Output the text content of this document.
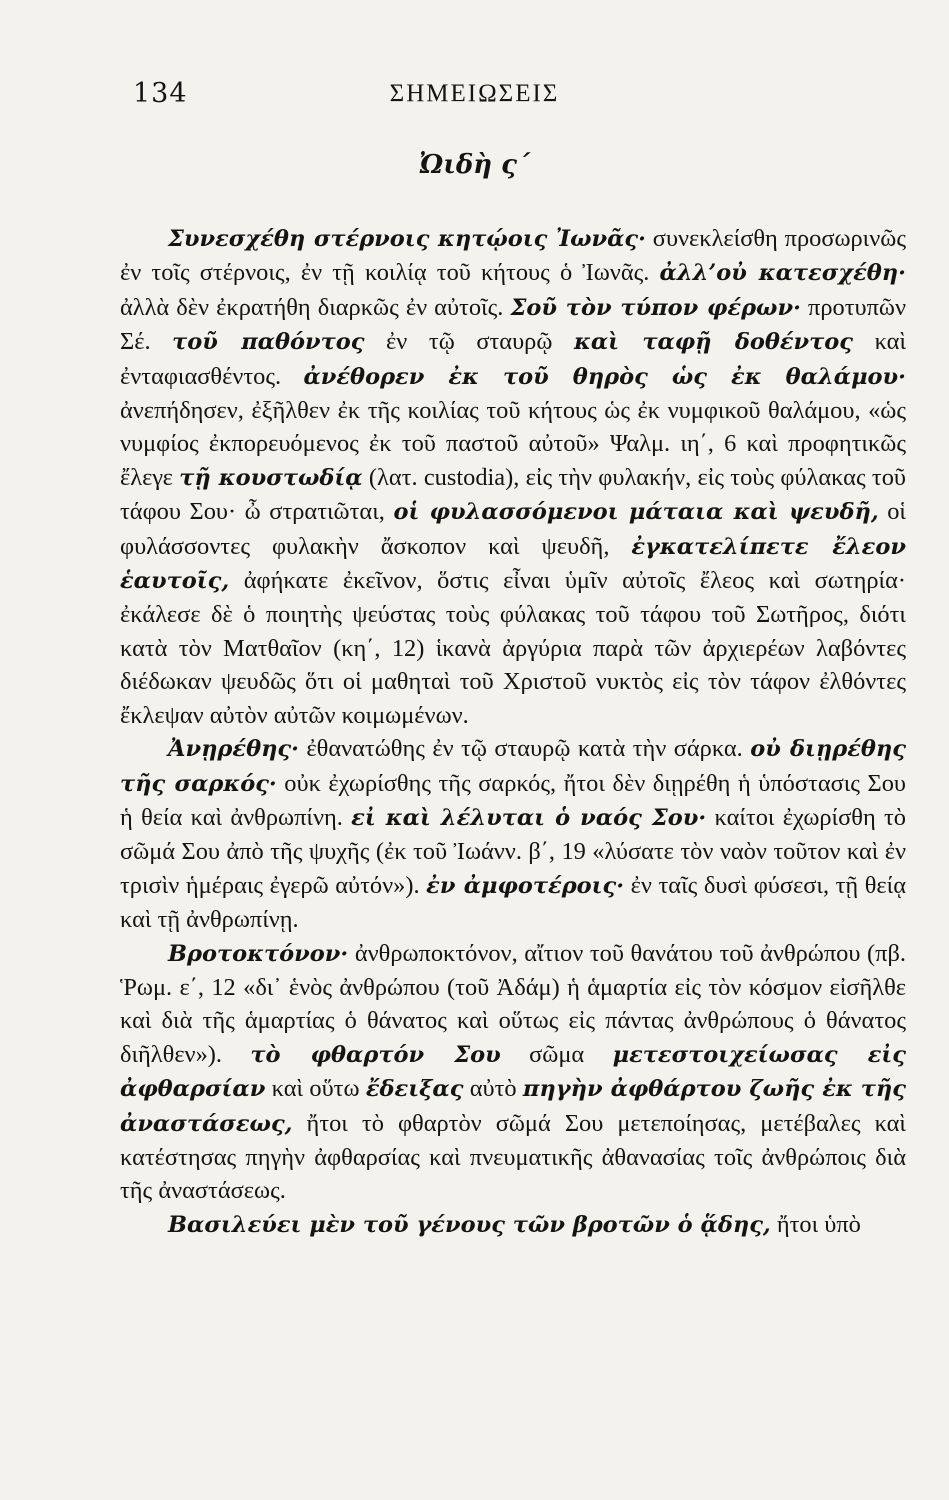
134	ΣΗΜΕΙΩΣΕΙΣ
Ὠιδὴ ς΄

Συνεσχέθη στέρνοις κητῴοις Ἰωνᾶς· συνεκλείσθη προσωρινῶς ἐν τοῖς στέρνοις, ἐν τῇ κοιλίᾳ τοῦ κήτους ὁ Ἰωνᾶς. ἀλλ’οὐ κατεσχέθη· ἀλλὰ δὲν ἐκρατήθη διαρκῶς ἐν αὐτοῖς. Σοῦ τὸν τύπον φέρων· προτυπῶν Σέ. τοῦ παθόντος ἐν τῷ σταυρῷ καὶ ταφῇ δοθέντος καὶ ἐνταφιασθέντος. ἀνέθορεν ἐκ τοῦ θηρὸς ὡς ἐκ θαλάμου· ἀνεπήδησεν, ἐξῆλθεν ἐκ τῆς κοιλίας τοῦ κήτους ὡς ἐκ νυμφικοῦ θαλάμου, «ὡς νυμφίος ἐκπορευόμενος ἐκ τοῦ παστοῦ αὐτοῦ» Ψαλμ. ιη΄, 6 καὶ προφητικῶς ἔλεγε τῇ κουστωδίᾳ (λατ. custodia), εἰς τὴν φυλακήν, εἰς τοὺς φύλακας τοῦ τάφου Σου· ὦ στρατιῶται, οἱ φυλασσόμενοι μάταια καὶ ψευδῆ, οἱ φυλάσσοντες φυλακὴν ἄσκοπον καὶ ψευδῆ, ἐγκατελίπετε ἔλεον ἑαυτοῖς, ἀφήκατε ἐκεῖνον, ὅστις εἶναι ὑμῖν αὐτοῖς ἔλεος καὶ σωτηρία· ἐκάλεσε δὲ ὁ ποιητὴς ψεύστας τοὺς φύλακας τοῦ τάφου τοῦ Σωτῆρος, διότι κατὰ τὸν Ματθαῖον (κη΄, 12) ἱκανὰ ἀργύρια παρὰ τῶν ἀρχιερέων λαβόντες διέδωκαν ψευδῶς ὅτι οἱ μαθηταὶ τοῦ Χριστοῦ νυκτὸς εἰς τὸν τάφον ἐλθόντες ἔκλεψαν αὐτὸν αὐτῶν κοιμωμένων.

Ἀνῃρέθης· ἐθανατώθης ἐν τῷ σταυρῷ κατὰ τὴν σάρκα. οὐ διῃρέθης τῆς σαρκός· οὐκ ἐχωρίσθης τῆς σαρκός, ἤτοι δὲν διῃρέθη ἡ ὑπόστασις Σου ἡ θεία καὶ ἀνθρωπίνη. εἰ καὶ λέλυται ὁ ναός Σου· καίτοι ἐχωρίσθη τὸ σῶμά Σου ἀπὸ τῆς ψυχῆς (ἐκ τοῦ Ἰωάνν. β΄, 19 «λύσατε τὸν ναὸν τοῦτον καὶ ἐν τρισὶν ἡμέραις ἐγερῶ αὐτόν»). ἐν ἀμφοτέροις· ἐν ταῖς δυσὶ φύσεσι, τῇ θείᾳ καὶ τῇ ἀνθρωπίνῃ.

Βροτοκτόνον· ἀνθρωποκτόνον, αἴτιον τοῦ θανάτου τοῦ ἀνθρώπου (πβ. Ῥωμ. ε΄, 12 «δι᾽ ἑνὸς ἀνθρώπου (τοῦ Ἀδάμ) ἡ ἁμαρτία εἰς τὸν κόσμον εἰσῆλθε καὶ διὰ τῆς ἁμαρτίας ὁ θάνατος καὶ οὕτως εἰς πάντας ἀνθρώπους ὁ θάνατος διῆλθεν»). τὸ φθαρτόν Σου σῶμα μετεστοιχείωσας εἰς ἀφθαρσίαν καὶ οὕτω ἔδειξας αὐτὸ πηγὴν ἀφθάρτου ζωῆς ἐκ τῆς ἀναστάσεως, ἤτοι τὸ φθαρτὸν σῶμά Σου μετεποίησας, μετέβαλες καὶ κατέστησας πηγὴν ἀφθαρσίας καὶ πνευματικῆς ἀθανασίας τοῖς ἀνθρώποις διὰ τῆς ἀναστάσεως.

Βασιλεύει μὲν τοῦ γένους τῶν βροτῶν ὁ ᾅδης, ἤτοι ὑπὸ
